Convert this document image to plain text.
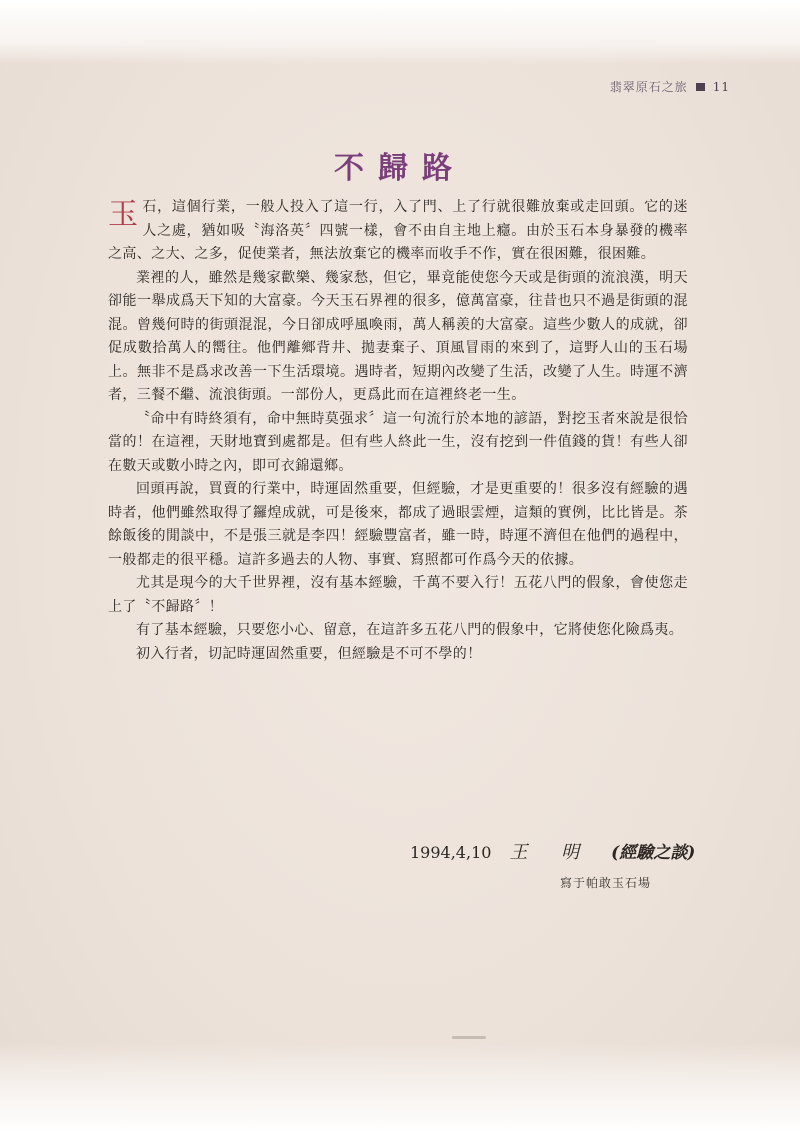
翡翠原石之旅 11
不歸路

玉石，這個行業，一般人投入了這一行，入了門、上了行就很難放棄或走回頭。它的迷人之處，猶如吸〝海洛英〞四號一樣，會不由自主地上癮。由於玉石本身暴發的機率之高、之大、之多，促使業者，無法放棄它的機率而收手不作，實在很困難，很困難。

業裡的人，雖然是幾家歡樂、幾家愁，但它，畢竟能使您今天或是街頭的流浪漢，明天卻能一舉成爲天下知的大富豪。今天玉石界裡的很多，億萬富豪，往昔也只不過是街頭的混混。曾幾何時的街頭混混，今日卻成呼風喚雨，萬人稱羨的大富豪。這些少數人的成就，卻促成數拾萬人的嚮往。他們離鄉背井、拋妻棄子、頂風冒雨的來到了，這野人山的玉石場上。無非不是爲求改善一下生活環境。遇時者，短期內改變了生活，改變了人生。時運不濟者，三餐不繼、流浪街頭。一部份人，更爲此而在這裡終老一生。

〝命中有時終須有，命中無時莫强求〞這一句流行於本地的諺語，對挖玉者來說是很恰當的！在這裡，天財地寶到處都是。但有些人終此一生，沒有挖到一件值錢的貨！有些人卻在數天或數小時之內，即可衣錦還鄉。

回頭再說，買賣的行業中，時運固然重要，但經驗，才是更重要的！很多沒有經驗的遇時者，他們雖然取得了鑼煌成就，可是後來，都成了過眼雲煙，這類的實例，比比皆是。茶餘飯後的閒談中，不是張三就是李四！經驗豐富者，雖一時，時運不濟但在他們的過程中，一般都走的很平穩。這許多過去的人物、事實、寫照都可作爲今天的依據。

尤其是現今的大千世界裡，沒有基本經驗，千萬不要入行！五花八門的假象，會使您走上了〝不歸路〞！

有了基本經驗，只要您小心、留意，在這許多五花八門的假象中，它將使您化險爲夷。

初入行者，切記時運固然重要，但經驗是不可不學的！

1994,4,10 王 明 (經驗之談)
寫于帕敢玉石場
